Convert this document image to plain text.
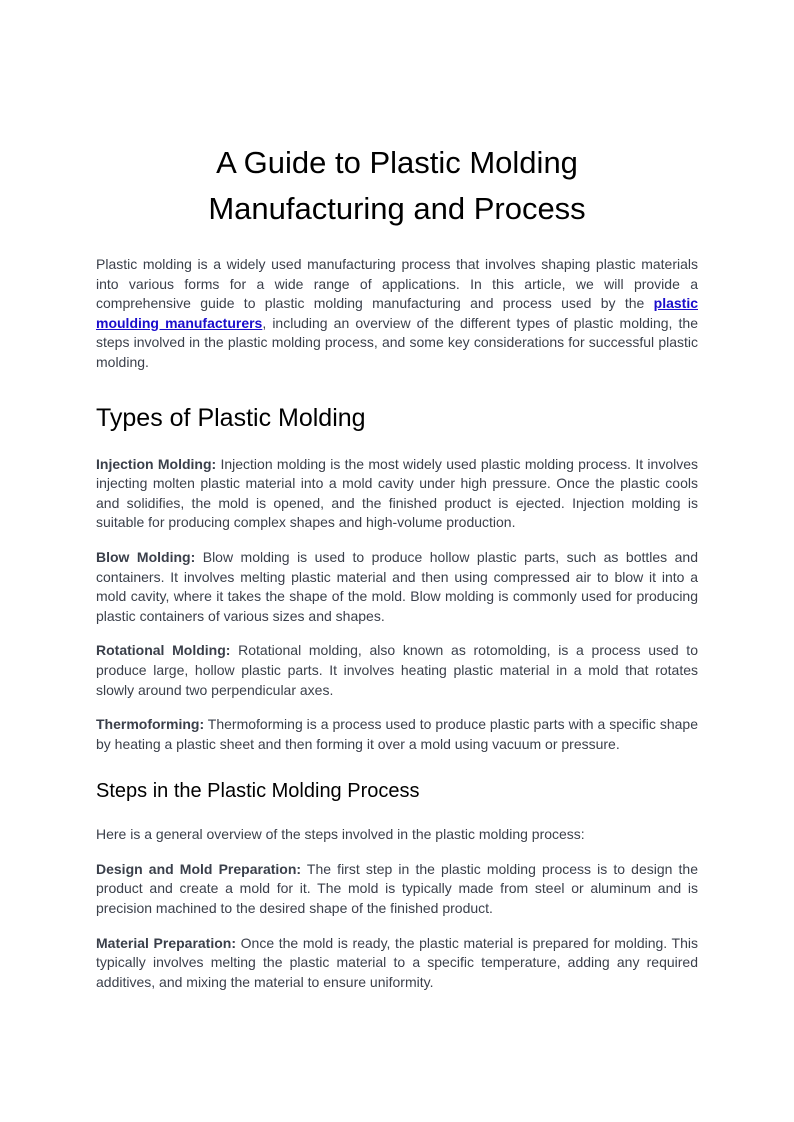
A Guide to Plastic Molding
Manufacturing and Process

Plastic molding is a widely used manufacturing process that involves shaping plastic materials into various forms for a wide range of applications. In this article, we will provide a comprehensive guide to plastic molding manufacturing and process used by the plastic moulding manufacturers, including an overview of the different types of plastic molding, the steps involved in the plastic molding process, and some key considerations for successful plastic molding.

Types of Plastic Molding

Injection Molding: Injection molding is the most widely used plastic molding process. It involves injecting molten plastic material into a mold cavity under high pressure. Once the plastic cools and solidifies, the mold is opened, and the finished product is ejected. Injection molding is suitable for producing complex shapes and high-volume production.

Blow Molding: Blow molding is used to produce hollow plastic parts, such as bottles and containers. It involves melting plastic material and then using compressed air to blow it into a mold cavity, where it takes the shape of the mold. Blow molding is commonly used for producing plastic containers of various sizes and shapes.

Rotational Molding: Rotational molding, also known as rotomolding, is a process used to produce large, hollow plastic parts. It involves heating plastic material in a mold that rotates slowly around two perpendicular axes.

Thermoforming: Thermoforming is a process used to produce plastic parts with a specific shape by heating a plastic sheet and then forming it over a mold using vacuum or pressure.

Steps in the Plastic Molding Process

Here is a general overview of the steps involved in the plastic molding process:

Design and Mold Preparation: The first step in the plastic molding process is to design the product and create a mold for it. The mold is typically made from steel or aluminum and is precision machined to the desired shape of the finished product.

Material Preparation: Once the mold is ready, the plastic material is prepared for molding. This typically involves melting the plastic material to a specific temperature, adding any required additives, and mixing the material to ensure uniformity.
